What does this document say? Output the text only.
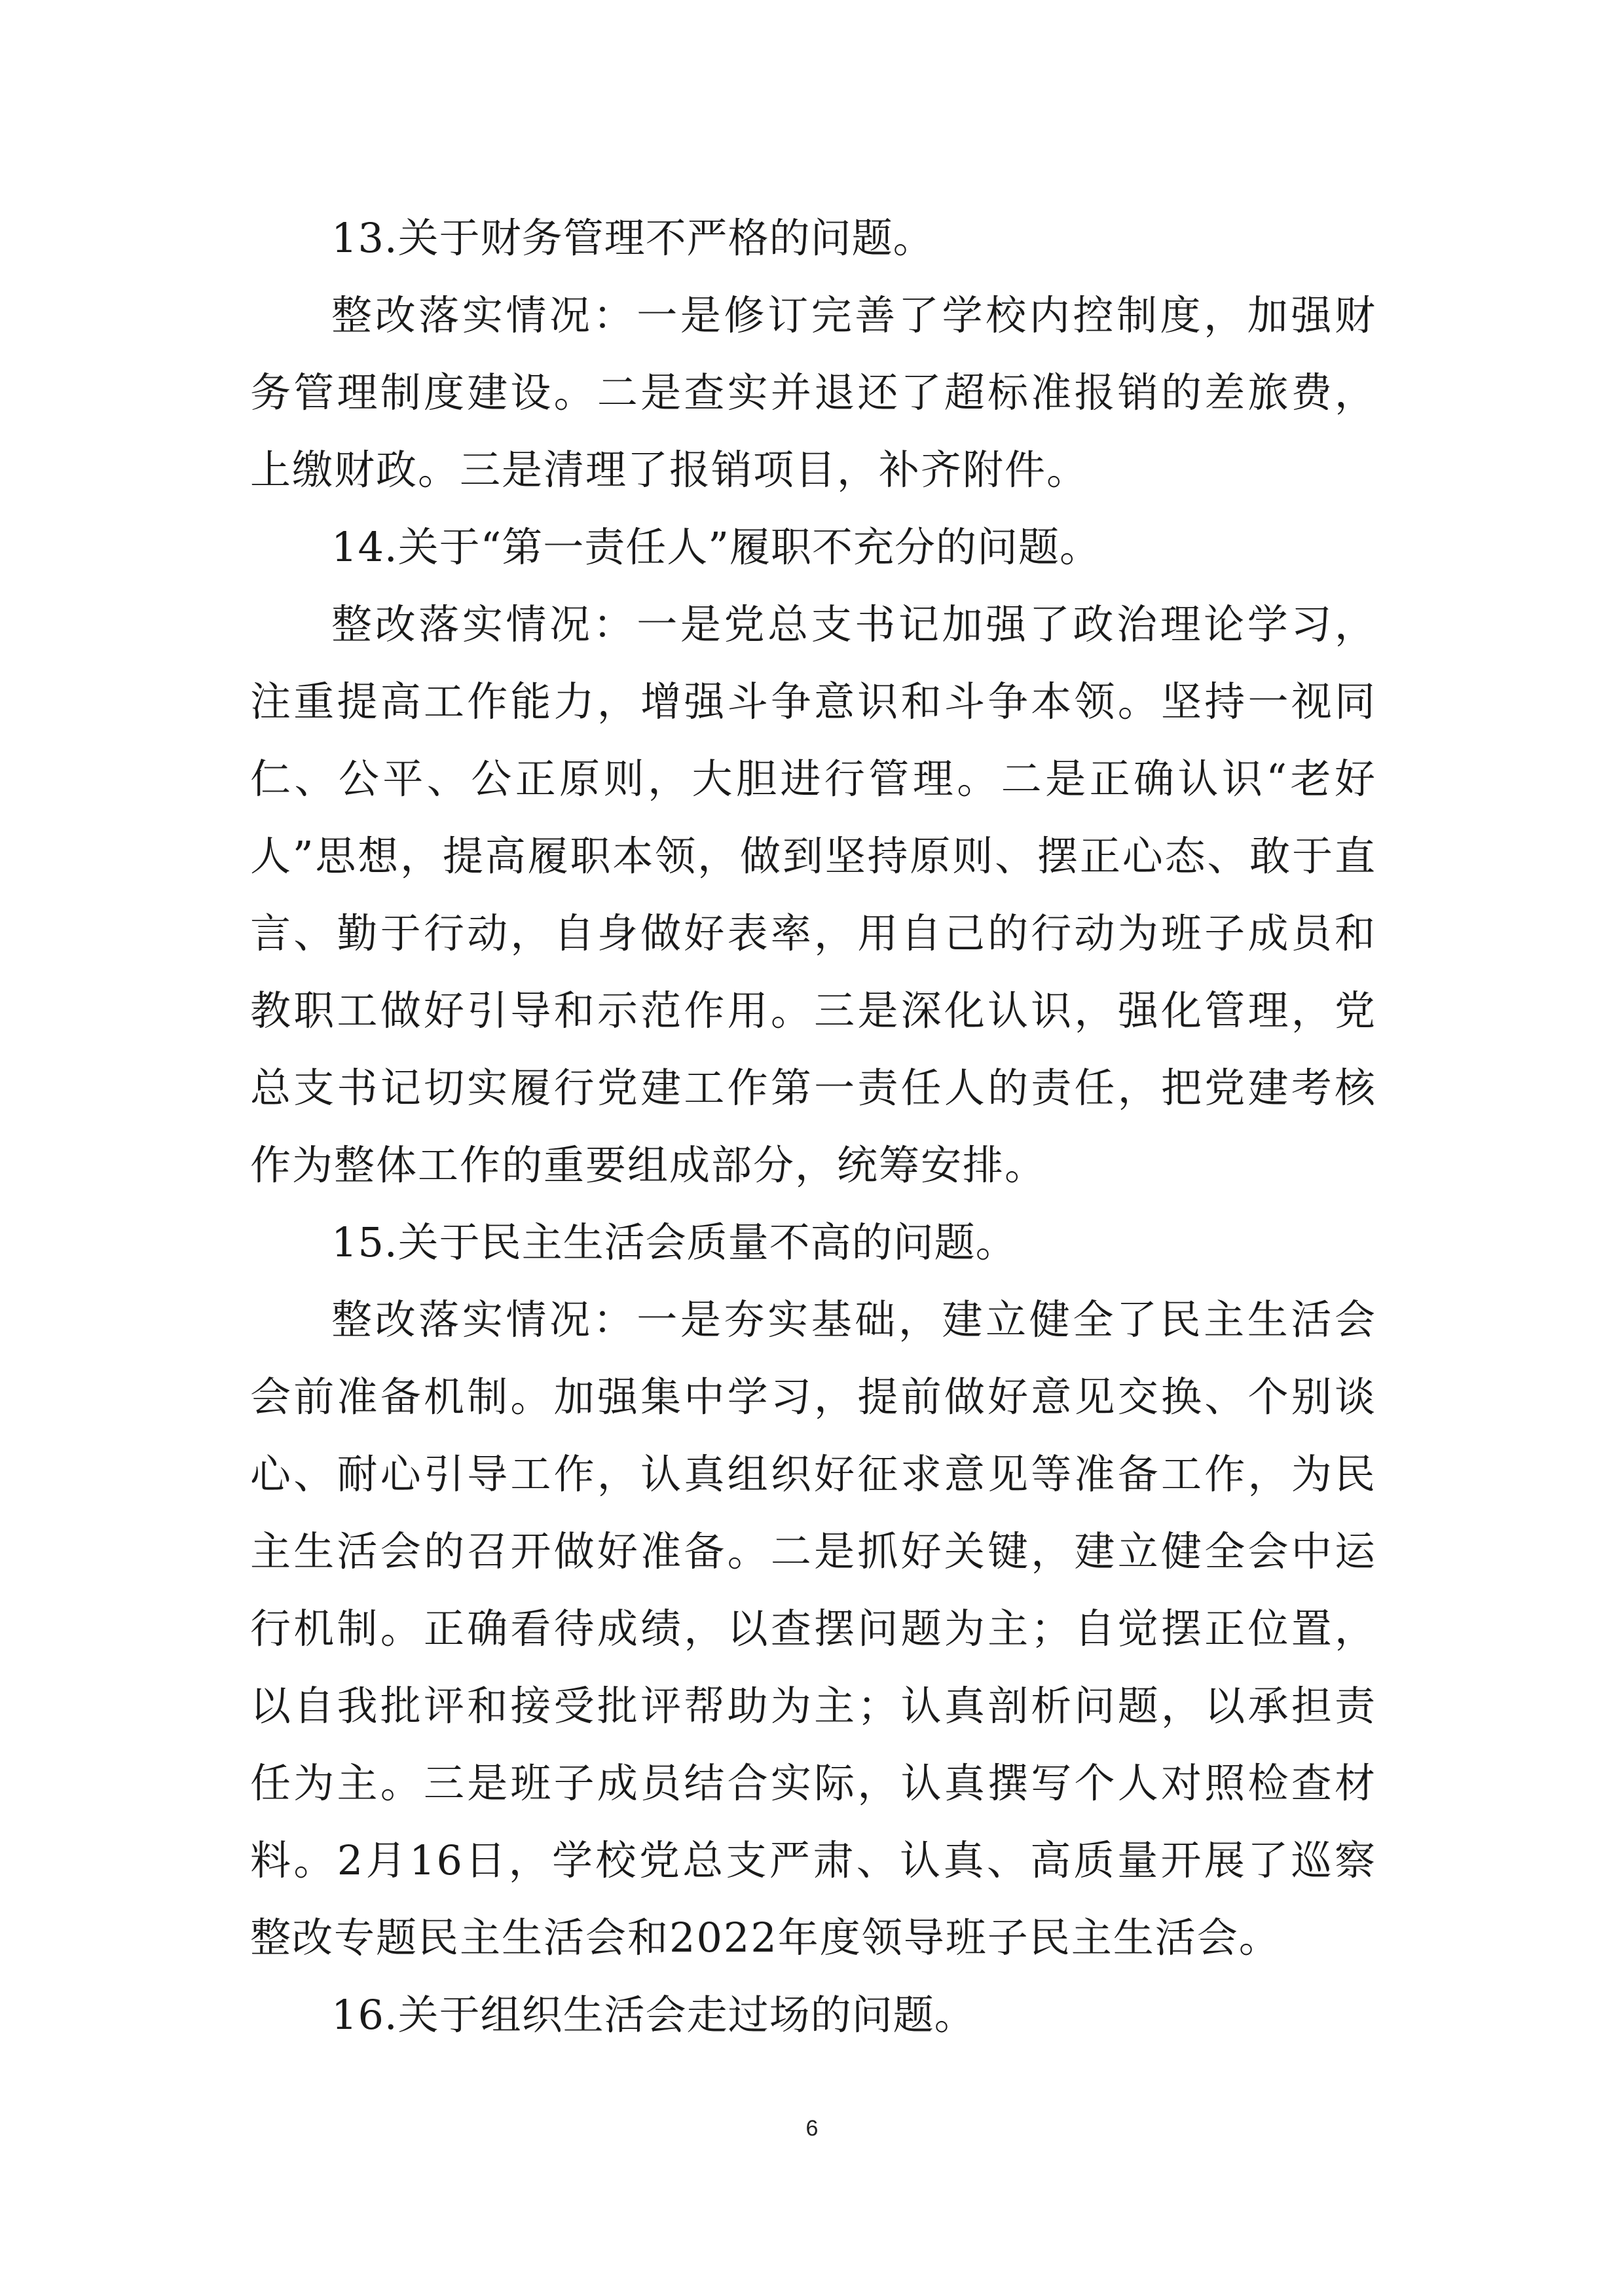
13.关于财务管理不严格的问题。
整改落实情况：一是修订完善了学校内控制度，加强财务管理制度建设。二是查实并退还了超标准报销的差旅费，上缴财政。三是清理了报销项目，补齐附件。
14.关于“第一责任人”履职不充分的问题。
整改落实情况：一是党总支书记加强了政治理论学习，注重提高工作能力，增强斗争意识和斗争本领。坚持一视同仁、公平、公正原则，大胆进行管理。二是正确认识“老好人”思想，提高履职本领，做到坚持原则、摆正心态、敢于直言、勤于行动，自身做好表率，用自己的行动为班子成员和教职工做好引导和示范作用。三是深化认识，强化管理，党总支书记切实履行党建工作第一责任人的责任，把党建考核作为整体工作的重要组成部分，统筹安排。
15.关于民主生活会质量不高的问题。
整改落实情况：一是夯实基础，建立健全了民主生活会会前准备机制。加强集中学习，提前做好意见交换、个别谈心、耐心引导工作，认真组织好征求意见等准备工作，为民主生活会的召开做好准备。二是抓好关键，建立健全会中运行机制。正确看待成绩，以查摆问题为主；自觉摆正位置，以自我批评和接受批评帮助为主；认真剖析问题，以承担责任为主。三是班子成员结合实际，认真撰写个人对照检查材料。2月16日，学校党总支严肃、认真、高质量开展了巡察整改专题民主生活会和2022年度领导班子民主生活会。
16.关于组织生活会走过场的问题。
6
